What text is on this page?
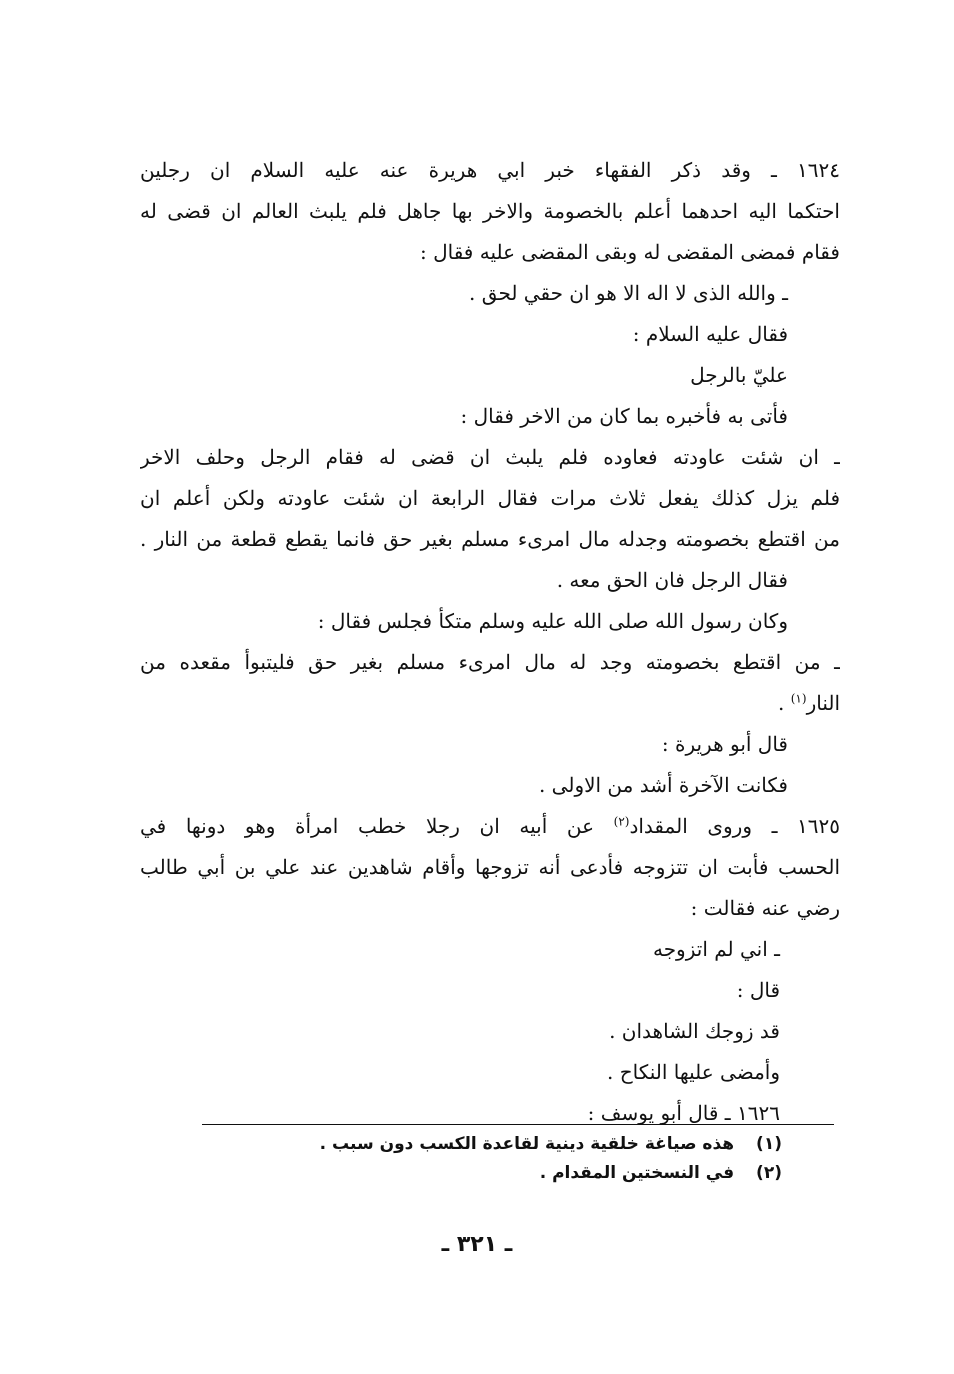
١٦٢٤ ـ وقد ذكر الفقهاء خبر ابي هريرة عنه عليه السلام ان رجلين
احتكما اليه احدهما أعلم بالخصومة والاخر بها جاهل فلم يلبث العالم ان قضى له
فقام فمضى المقضى له وبقى المقضى عليه فقال :
ـ والله الذى لا اله الا هو ان حقي لحق .
فقال عليه السلام :
عليّ بالرجل
فأتى به فأخبره بما كان من الاخر فقال :
ـ ان شئت عاودته فعاوده فلم يلبث ان قضى له فقام الرجل وحلف الاخر
فلم يزل كذلك يفعل ثلاث مرات فقال الرابعة ان شئت عاودته ولكن أعلم ان
من اقتطع بخصومته وجدله مال امرىء مسلم بغير حق فانما يقطع قطعة من النار .
فقال الرجل فان الحق معه .
وكان رسول الله صلى الله عليه وسلم متكأ فجلس فقال :
ـ من اقتطع بخصومته وجد له مال امرىء مسلم بغير حق فليتبوأ مقعده من
النار$^{(١)}$ .
قال أبو هريرة :
فكانت الآخرة أشد من الاولى .
١٦٢٥ ـ وروى المقداد$^{(٢)}$ عن أبيه ان رجلا خطب امرأة وهو دونها في
الحسب فأبت ان تتزوجه فأدعى أنه تزوجها وأقام شاهدين عند علي بن أبي طالب
رضي عنه فقالت :
ـ اني لم اتزوجه
قال :
قد زوجك الشاهدان .
وأمضى عليها النكاح .
١٦٢٦ ـ قال أبو يوسف :
(١) هذه صياغة خلقية دينية لقاعدة الكسب دون سبب .
(٢) في النسختين المقدام .
ـ ٣٢١ ـ
